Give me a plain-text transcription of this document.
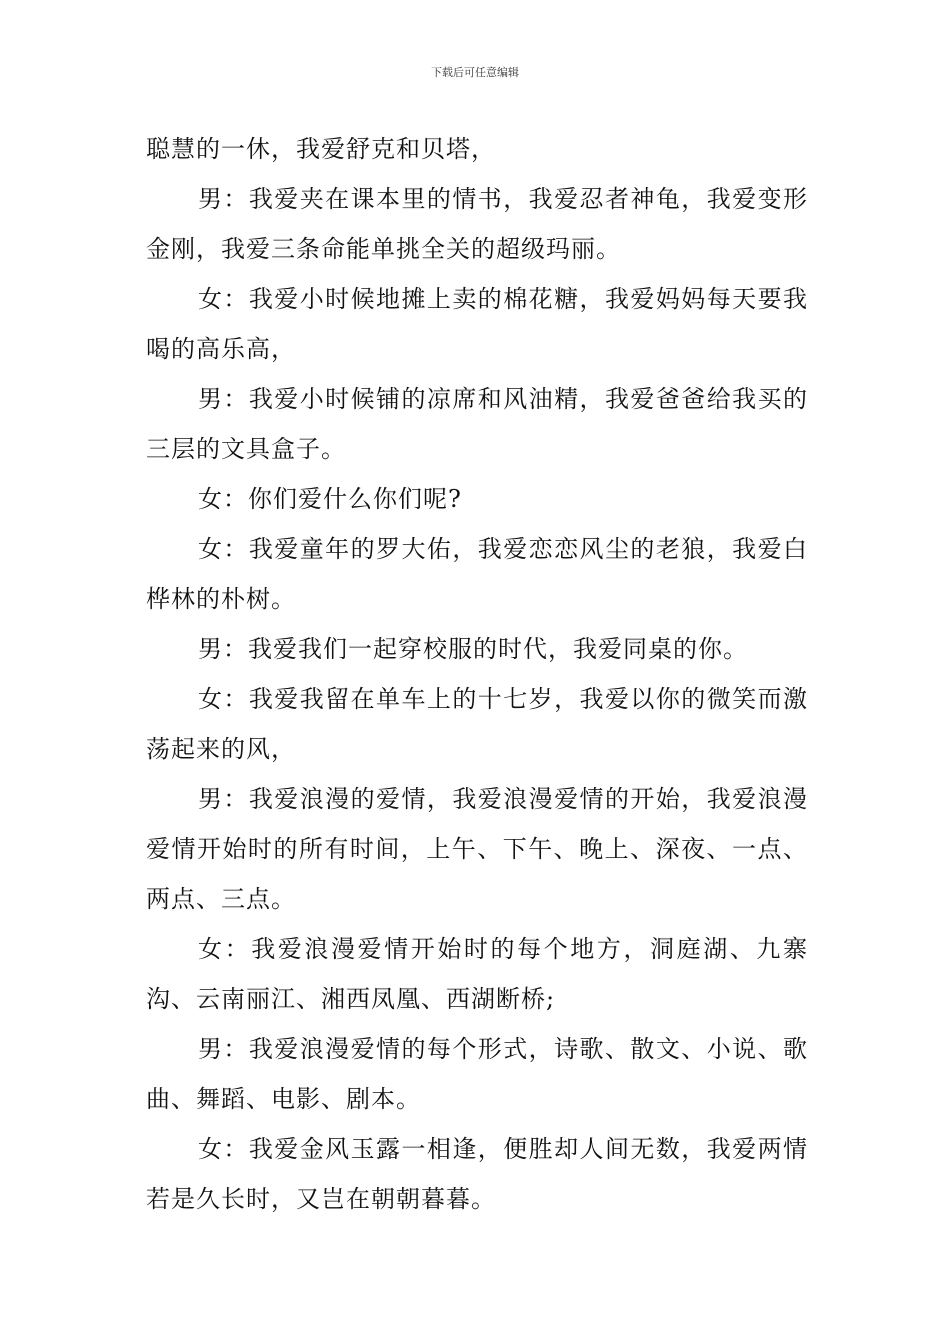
下载后可任意编辑

聪慧的一休，我爱舒克和贝塔，

男：我爱夹在课本里的情书，我爱忍者神龟，我爱变形金刚，我爱三条命能单挑全关的超级玛丽。

女：我爱小时候地摊上卖的棉花糖，我爱妈妈每天要我喝的高乐高，

男：我爱小时候铺的凉席和风油精，我爱爸爸给我买的三层的文具盒子。

女：你们爱什么你们呢?

女：我爱童年的罗大佑，我爱恋恋风尘的老狼，我爱白桦林的朴树。

男：我爱我们一起穿校服的时代，我爱同桌的你。

女：我爱我留在单车上的十七岁，我爱以你的微笑而激荡起来的风，

男：我爱浪漫的爱情，我爱浪漫爱情的开始，我爱浪漫爱情开始时的所有时间，上午、下午、晚上、深夜、一点、两点、三点。

女：我爱浪漫爱情开始时的每个地方，洞庭湖、九寨沟、云南丽江、湘西凤凰、西湖断桥;

男：我爱浪漫爱情的每个形式，诗歌、散文、小说、歌曲、舞蹈、电影、剧本。

女：我爱金风玉露一相逢，便胜却人间无数，我爱两情若是久长时，又岂在朝朝暮暮。
